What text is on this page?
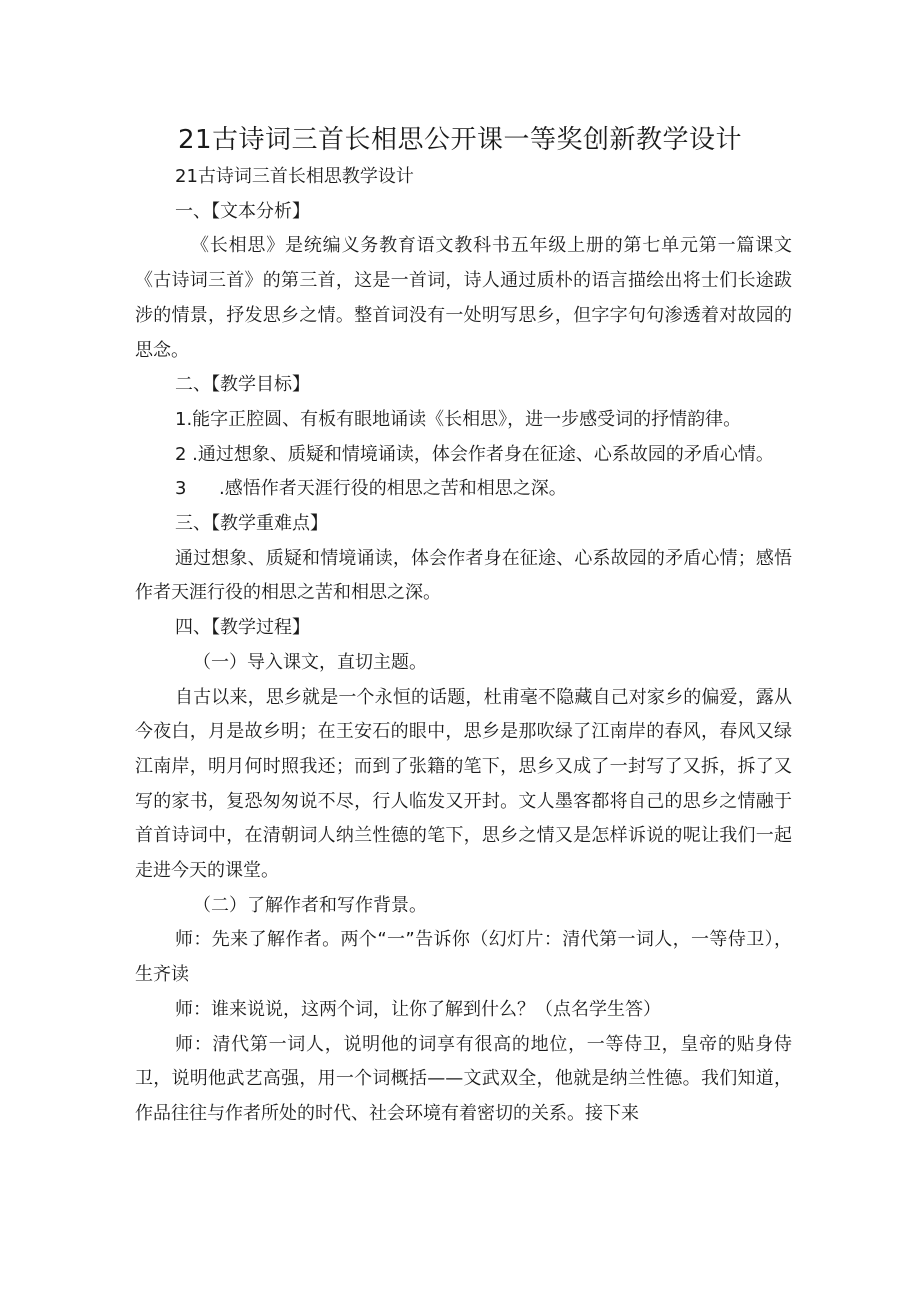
21古诗词三首长相思公开课一等奖创新教学设计

21古诗词三首长相思教学设计

一、【文本分析】

《长相思》是统编义务教育语文教科书五年级上册的第七单元第一篇课文《古诗词三首》的第三首，这是一首词，诗人通过质朴的语言描绘出将士们长途跋涉的情景，抒发思乡之情。整首词没有一处明写思乡，但字字句句渗透着对故园的思念。

二、【教学目标】

1.能字正腔圆、有板有眼地诵读《长相思》，进一步感受词的抒情韵律。

2 .通过想象、质疑和情境诵读，体会作者身在征途、心系故园的矛盾心情。

3 .感悟作者天涯行役的相思之苦和相思之深。

三、【教学重难点】

通过想象、质疑和情境诵读，体会作者身在征途、心系故园的矛盾心情；感悟作者天涯行役的相思之苦和相思之深。

四、【教学过程】

（一）导入课文，直切主题。

自古以来，思乡就是一个永恒的话题，杜甫毫不隐藏自己对家乡的偏爱，露从今夜白，月是故乡明；在王安石的眼中，思乡是那吹绿了江南岸的春风，春风又绿江南岸，明月何时照我还；而到了张籍的笔下，思乡又成了一封写了又拆，拆了又写的家书，复恐匆匆说不尽，行人临发又开封。文人墨客都将自己的思乡之情融于首首诗词中，在清朝词人纳兰性德的笔下，思乡之情又是怎样诉说的呢让我们一起走进今天的课堂。

（二）了解作者和写作背景。

师：先来了解作者。两个“一”告诉你（幻灯片：清代第一词人，一等侍卫），生齐读

师：谁来说说，这两个词，让你了解到什么？（点名学生答）

师：清代第一词人，说明他的词享有很高的地位，一等侍卫，皇帝的贴身侍卫，说明他武艺高强，用一个词概括——文武双全，他就是纳兰性德。我们知道，作品往往与作者所处的时代、社会环境有着密切的关系。接下来
